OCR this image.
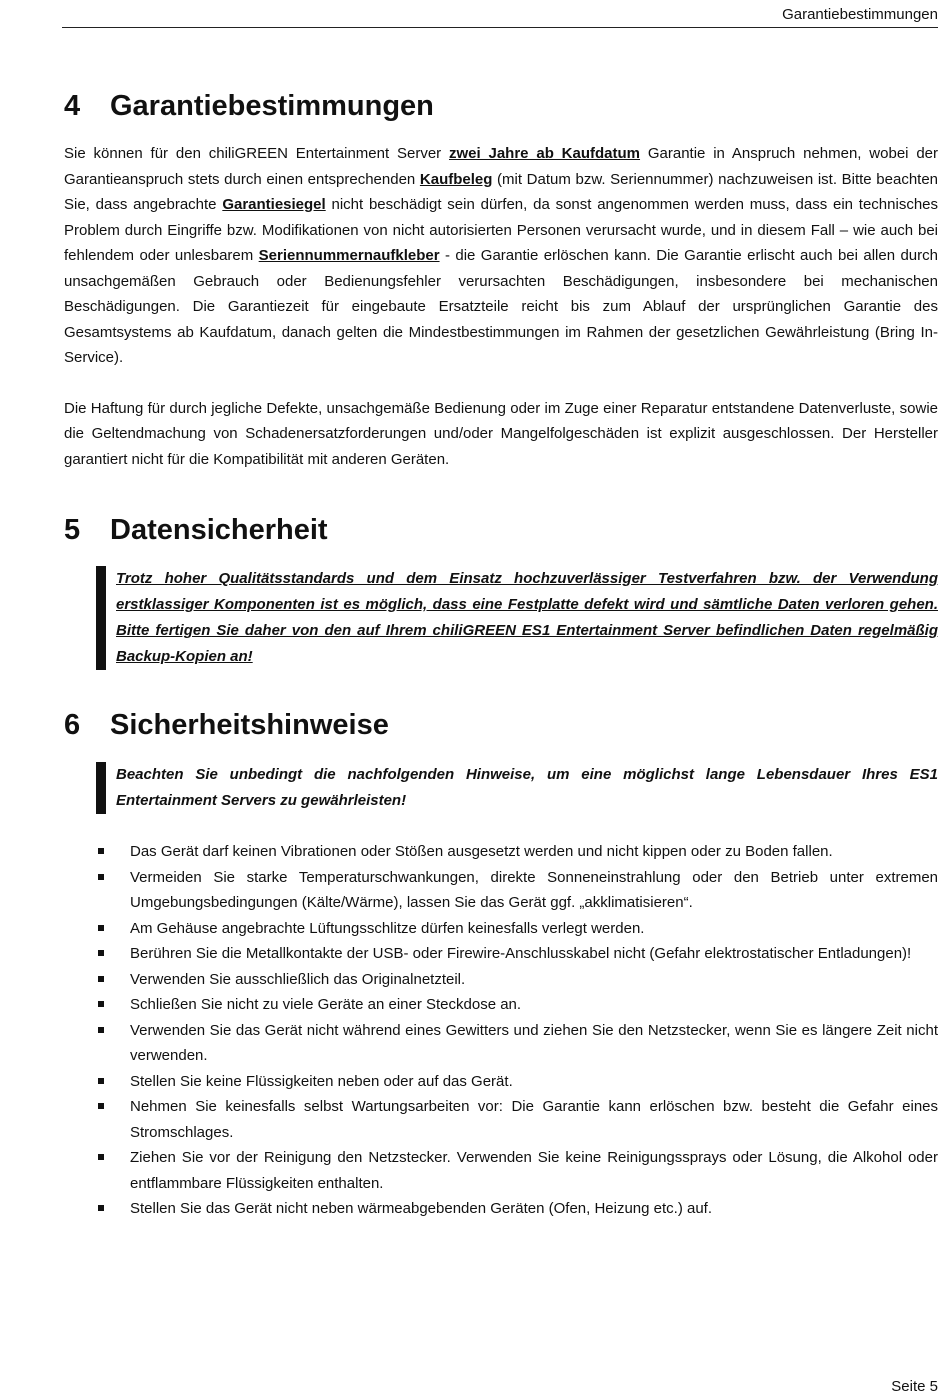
Garantiebestimmungen
4	Garantiebestimmungen

Sie können für den chiliGREEN Entertainment Server zwei Jahre ab Kaufdatum Garantie in Anspruch nehmen, wobei der Garantieanspruch stets durch einen entsprechenden Kaufbeleg (mit Datum bzw. Seriennummer) nachzuweisen ist. Bitte beachten Sie, dass angebrachte Garantiesiegel nicht beschädigt sein dürfen, da sonst angenommen werden muss, dass ein technisches Problem durch Eingriffe bzw. Modifikationen von nicht autorisierten Personen verursacht wurde, und in diesem Fall – wie auch bei fehlendem oder unlesbarem Seriennummernaufkleber - die Garantie erlöschen kann. Die Garantie erlischt auch bei allen durch unsachgemäßen Gebrauch oder Bedienungsfehler verursachten Beschädigungen, insbesondere bei mechanischen Beschädigungen. Die Garantiezeit für eingebaute Ersatzteile reicht bis zum Ablauf der ursprünglichen Garantie des Gesamtsystems ab Kaufdatum, danach gelten die Mindestbestimmungen im Rahmen der gesetzlichen Gewährleistung (Bring In-Service).

Die Haftung für durch jegliche Defekte, unsachgemäße Bedienung oder im Zuge einer Reparatur entstandene Datenverluste, sowie die Geltendmachung von Schadenersatzforderungen und/oder Mangelfolgeschäden ist explizit ausgeschlossen. Der Hersteller garantiert nicht für die Kompatibilität mit anderen Geräten.

5	Datensicherheit
Trotz hoher Qualitätsstandards und dem Einsatz hochzuverlässiger Testverfahren bzw. der Verwendung erstklassiger Komponenten ist es möglich, dass eine Festplatte defekt wird und sämtliche Daten verloren gehen. Bitte fertigen Sie daher von den auf Ihrem chiliGREEN ES1 Entertainment Server befindlichen Daten regelmäßig Backup-Kopien an!
6	Sicherheitshinweise
Beachten Sie unbedingt die nachfolgenden Hinweise, um eine möglichst lange Lebensdauer Ihres ES1 Entertainment Servers zu gewährleisten!
Das Gerät darf keinen Vibrationen oder Stößen ausgesetzt werden und nicht kippen oder zu Boden fallen.
Vermeiden Sie starke Temperaturschwankungen, direkte Sonneneinstrahlung oder den Betrieb unter extremen Umgebungsbedingungen (Kälte/Wärme), lassen Sie das Gerät ggf. „akklimatisieren“.
Am Gehäuse angebrachte Lüftungsschlitze dürfen keinesfalls verlegt werden.
Berühren Sie die Metallkontakte der USB- oder Firewire-Anschlusskabel nicht (Gefahr elektrostatischer Entladungen)!
Verwenden Sie ausschließlich das Originalnetzteil.
Schließen Sie nicht zu viele Geräte an einer Steckdose an.
Verwenden Sie das Gerät nicht während eines Gewitters und ziehen Sie den Netzstecker, wenn Sie es längere Zeit nicht verwenden.
Stellen Sie keine Flüssigkeiten neben oder auf das Gerät.
Nehmen Sie keinesfalls selbst Wartungsarbeiten vor: Die Garantie kann erlöschen bzw. besteht die Gefahr eines Stromschlages.
Ziehen Sie vor der Reinigung den Netzstecker. Verwenden Sie keine Reinigungssprays oder Lösung, die Alkohol oder entflammbare Flüssigkeiten enthalten.
Stellen Sie das Gerät nicht neben wärmeabgebenden Geräten (Ofen, Heizung etc.) auf.
Seite 5
